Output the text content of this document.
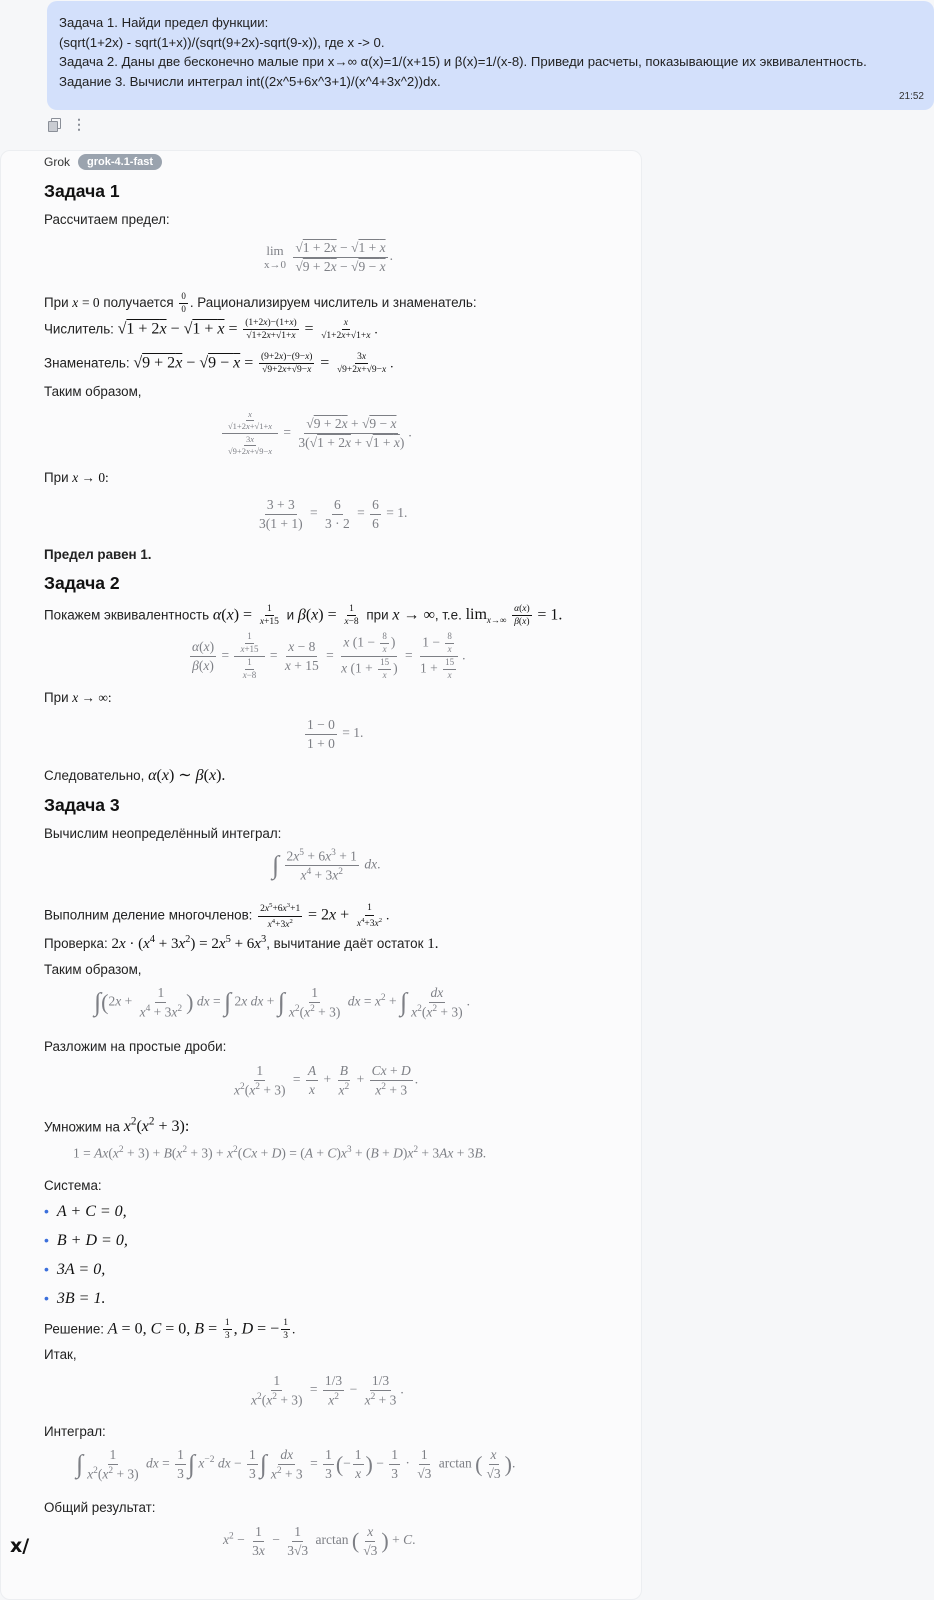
Задача 1. Найди предел функции:
(sqrt(1+2x) - sqrt(1+x))/(sqrt(9+2x)-sqrt(9-x)), где x -> 0.
Задача 2. Даны две бесконечно малые при x→∞ α(x)=1/(x+15) и β(x)=1/(x-8). Приведи расчеты, показывающие их эквивалентность.
Задание 3. Вычисли интеграл int((2x^5+6x^3+1)/(x^4+3x^2))dx.
21:52
⋮
Grok	grok-4.1-fast
Задача 1
Рассчитаем предел:
lim
x→0
$\frac{√1 + 2x - √1 + x}{√9 + 2x - √9 - x}$ .
При x = 0 получается $\frac{0}{0}$ . Рационализируем числитель и знаменатель:
Числитель: $√1 + 2x - √1 + x = \frac{(1+2x)-(1+x)}{√1+2x+√1+x} = \frac{x}{√1+2x+√1+x}$ .
Знаменатель: $√9 + 2x - √9 - x = \frac{(9+2x)-(9-x)}{√9+2x+√9-x} = \frac{3x}{√9+2x+√9-x}$ .
Таким образом,
$\frac{\frac{x}{√1+2x+√1+x}}{\frac{3x}{√9+2x+√9-x}} = \frac{√9 + 2x + √9 - x}{3(√1 + 2x + √1 + x)}$ .
При x → 0:
$\frac{3 + 3}{3(1 + 1)} = \frac{6}{3 \cdot 2} = \frac{6}{6} = 1$.
Предел равен 1.
Задача 2
Покажем эквивалентность $\alpha(x) = \frac{1}{x+15}$ и $\beta(x) = \frac{1}{x-8}$ при x → ∞, т.е. $\lim_{x\to\infty} \frac{\alpha(x)}{\beta(x)} = 1$.
$\frac{\alpha(x)}{\beta(x)} = \frac{\frac{1}{x+15}}{\frac{1}{x-8}} = \frac{x - 8}{x + 15} = \frac{x (1 - \frac{8}{x} )}{x (1 + \frac{15}{x} )} = \frac{1 - \frac{8}{x}}{1 + \frac{15}{x}}$ .
При x → ∞:
$\frac{1 - 0}{1 + 0} = 1$.
Следовательно, α(x) ∼ β(x).
Задача 3
Вычислим неопределённый интеграл:
∫ $\frac{2x^5 + 6x^3 + 1}{x^4 + 3x^2}$ dx.
Выполним деление многочленов: $\frac{2x^5+6x^3+1}{x^4+3x^2} = 2x + \frac{1}{x^4+3x^2}$ .
Проверка: $2x \cdot (x^4 + 3x^2) = 2x^5 + 6x^3$, вычитание даёт остаток 1.
Таким образом,
$\int(2x + \frac{1}{x^4 + 3x^2}$ ) dx = ∫ 2x dx + ∫ $\frac{1}{x^2(x^2 + 3)}$ dx = $x^2$ + ∫ $\frac{dx}{x^2(x^2 + 3)}$ .
Разложим на простые дроби:
$\frac{1}{x^2(x^2 + 3)} = \frac{A}{x} + \frac{B}{x^2} + \frac{Cx + D}{x^2 + 3}$ .
Умножим на $x^2(x^2 + 3)$:
$1 = Ax(x^2 + 3) + B(x^2 + 3) + x^2(Cx + D) = (A + C)x^3 + (B + D)x^2 + 3Ax + 3B$.
Система:
• A + C = 0,
• B + D = 0,
• 3A = 0,
• 3B = 1.
Решение: A = 0, C = 0, $B = \frac{1}{3}$ , D = − $\frac{1}{3}$ .
Итак,
$\frac{1}{x^2(x^2 + 3)} = \frac{1/3}{x^2} - \frac{1/3}{x^2 + 3}$ .
Интеграл:
∫ $\frac{1}{x^2(x^2 + 3)}$ dx = $\frac{1}{3}$ ∫ $x^{-2}$ dx − $\frac{1}{3}$ ∫ $\frac{dx}{x^2 + 3} = \frac{1}{3}$ (− $\frac{1}{x}$ ) − $\frac{1}{3} \cdot \frac{1}{√3}$ arctan ( $\frac{x}{√3}$ ).
Общий результат:
$x^2 - \frac{1}{3x} - \frac{1}{3√3}$ arctan ( $\frac{x}{√3}$ ) + C.
x/
